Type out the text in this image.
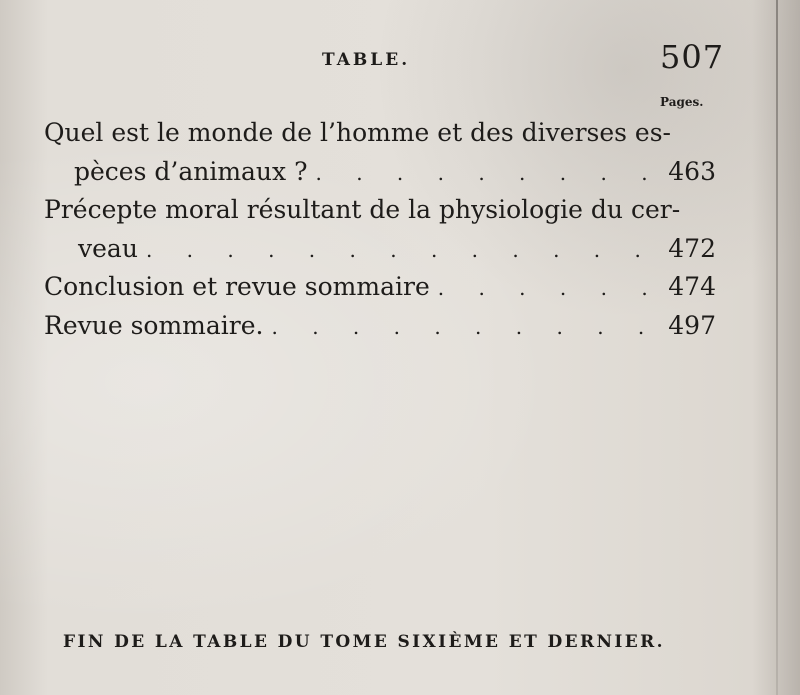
TABLE.	507
Pages.
Quel est le monde de l’homme et des diverses es-
pèces d’animaux ? . . .	463
Précepte moral résultant de la physiologie du cer-
veau . . .	472
Conclusion et revue sommaire . . .	474
Revue sommaire. . . .	497
FIN DE LA TABLE DU TOME SIXIÈME ET DERNIER.
